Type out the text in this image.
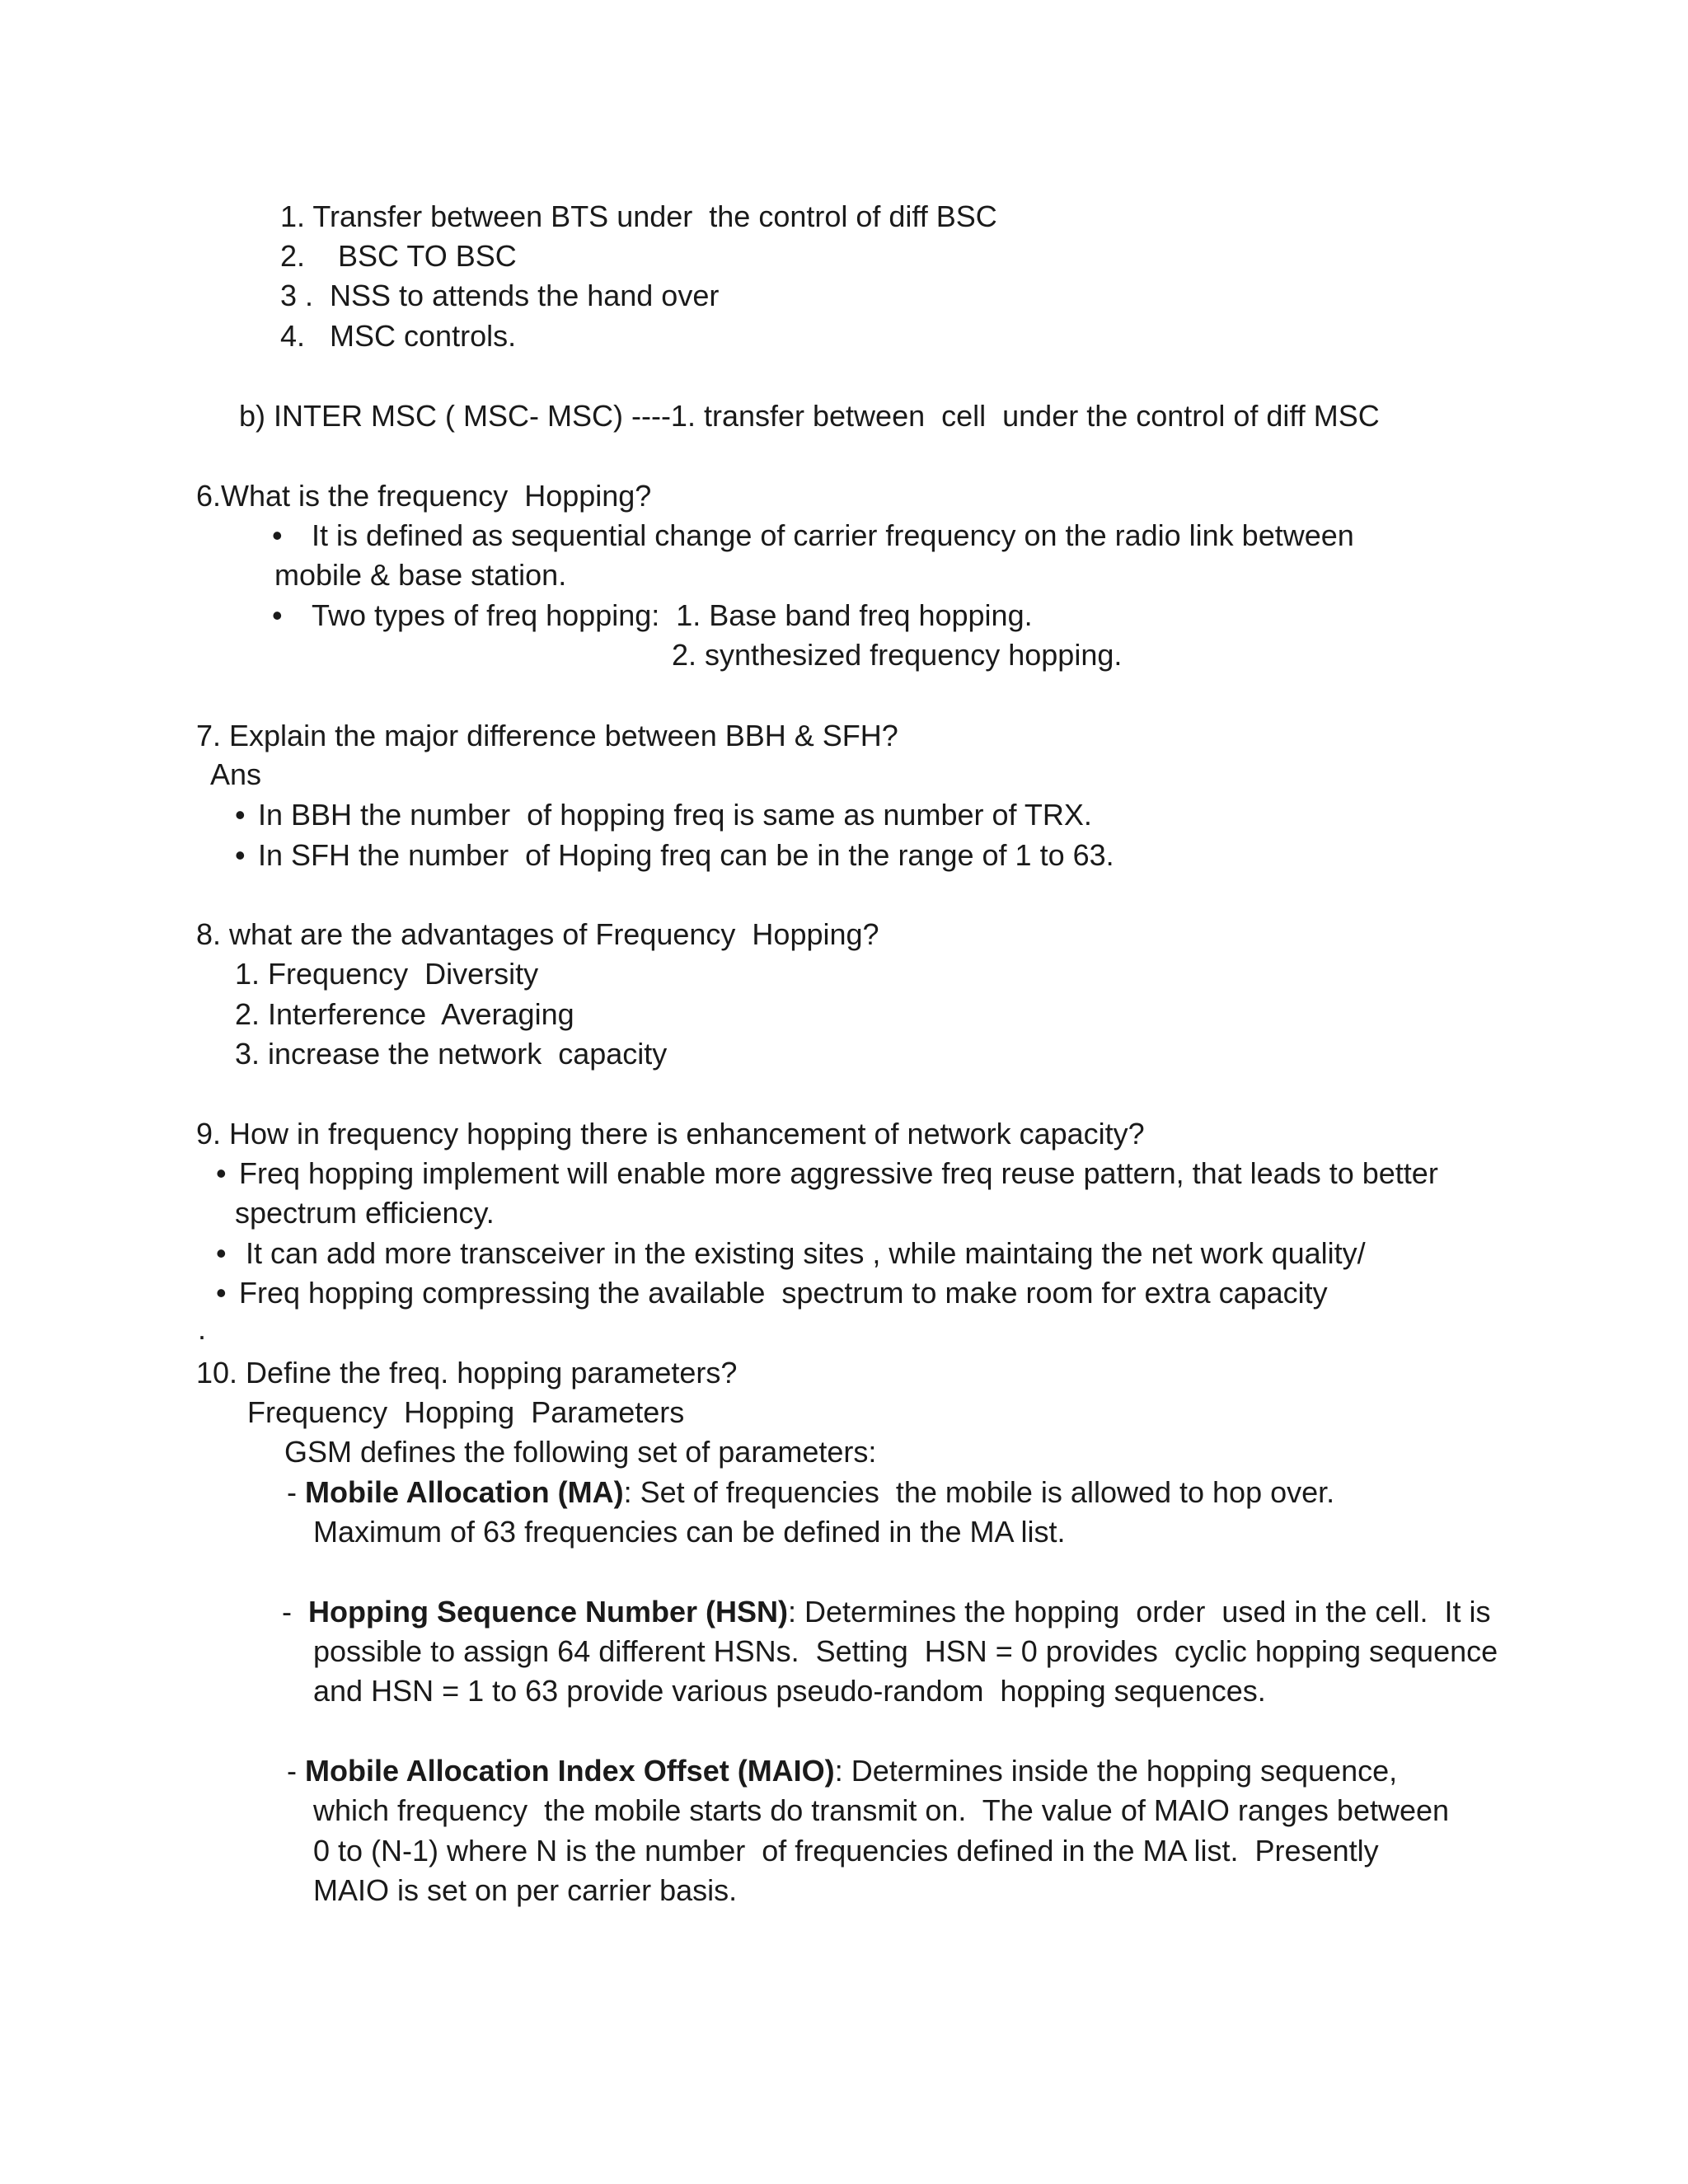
1. Transfer between BTS under  the control of diff BSC
2.    BSC TO BSC
3 .  NSS to attends the hand over
4.   MSC controls.
b) INTER MSC ( MSC- MSC) ----1. transfer between  cell  under the control of diff MSC
6.What is the frequency  Hopping?
• It is defined as sequential change of carrier frequency on the radio link between
mobile & base station.
• Two types of freq hopping:  1. Base band freq hopping.
2. synthesized frequency hopping.
7. Explain the major difference between BBH & SFH?
Ans
• In BBH the number  of hopping freq is same as number of TRX.
• In SFH the number  of Hoping freq can be in the range of 1 to 63.
8. what are the advantages of Frequency  Hopping?
1. Frequency  Diversity
2. Interference  Averaging
3. increase the network  capacity
9. How in frequency hopping there is enhancement of network capacity?
• Freq hopping implement will enable more aggressive freq reuse pattern, that leads to better
spectrum efficiency.
• It can add more transceiver in the existing sites , while maintaing the net work quality/
• Freq hopping compressing the available  spectrum to make room for extra capacity
.
10. Define the freq. hopping parameters?
Frequency  Hopping  Parameters
GSM defines the following set of parameters:
- Mobile Allocation (MA): Set of frequencies  the mobile is allowed to hop over.
Maximum of 63 frequencies can be defined in the MA list.
-  Hopping Sequence Number (HSN): Determines the hopping  order  used in the cell.  It is
possible to assign 64 different HSNs.  Setting  HSN = 0 provides  cyclic hopping sequence
and HSN = 1 to 63 provide various pseudo-random  hopping sequences.
- Mobile Allocation Index Offset (MAIO): Determines inside the hopping sequence,
which frequency  the mobile starts do transmit on.  The value of MAIO ranges between
0 to (N-1) where N is the number  of frequencies defined in the MA list.  Presently
MAIO is set on per carrier basis.
